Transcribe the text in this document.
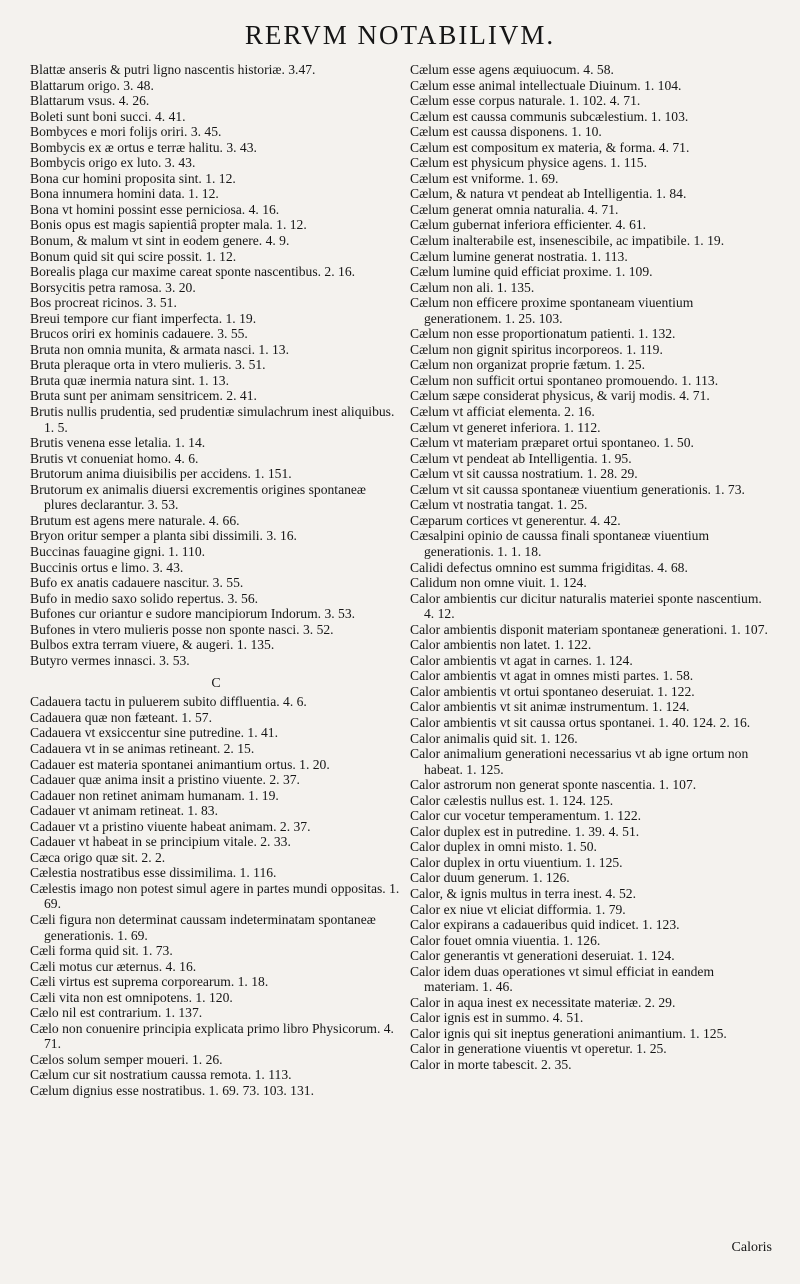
RERVM NOTABILIVM.

Blattæ anseris & putri ligno nascentis historiæ. 3.47.

Blattarum origo. 3. 48.

Blattarum vsus. 4. 26.

Boleti sunt boni succi. 4. 41.

Bombyces e mori folijs oriri. 3. 45.

Bombycis ex æ ortus e terræ halitu. 3. 43.

Bombycis origo ex luto. 3. 43.

Bona cur homini proposita sint. 1. 12.

Bona innumera homini data. 1. 12.

Bona vt homini possint esse perniciosa. 4. 16.

Bonis opus est magis sapientiâ propter mala. 1. 12.

Bonum, & malum vt sint in eodem genere. 4. 9.

Bonum quid sit qui scire possit. 1. 12.

Borealis plaga cur maxime careat sponte nascentibus. 2. 16.

Borsycitis petra ramosa. 3. 20.

Bos procreat ricinos. 3. 51.

Breui tempore cur fiant imperfecta. 1. 19.

Brucos oriri ex hominis cadauere. 3. 55.

Bruta non omnia munita, & armata nasci. 1. 13.

Bruta pleraque orta in vtero mulieris. 3. 51.

Bruta quæ inermia natura sint. 1. 13.

Bruta sunt per animam sensitricem. 2. 41.

Brutis nullis prudentia, sed prudentiæ simulachrum inest aliquibus. 1. 5.

Brutis venena esse letalia. 1. 14.

Brutis vt conueniat homo. 4. 6.

Brutorum anima diuisibilis per accidens. 1. 151.

Brutorum ex animalis diuersi excrementis origines spontaneæ plures declarantur. 3. 53.

Brutum est agens mere naturale. 4. 66.

Bryon oritur semper a planta sibi dissimili. 3. 16.

Buccinas fauagine gigni. 1. 110.

Buccinis ortus e limo. 3. 43.

Bufo ex anatis cadauere nascitur. 3. 55.

Bufo in medio saxo solido repertus. 3. 56.

Bufones cur oriantur e sudore mancipiorum Indorum. 3. 53.

Bufones in vtero mulieris posse non sponte nasci. 3. 52.

Bulbos extra terram viuere, & augeri. 1. 135.

Butyro vermes innasci. 3. 53.

C

Cadauera tactu in puluerem subito diffluentia. 4. 6.

Cadauera quæ non fæteant. 1. 57.

Cadauera vt exsiccentur sine putredine. 1. 41.

Cadauera vt in se animas retineant. 2. 15.

Cadauer est materia spontanei animantium ortus. 1. 20.

Cadauer quæ anima insit a pristino viuente. 2. 37.

Cadauer non retinet animam humanam. 1. 19.

Cadauer vt animam retineat. 1. 83.

Cadauer vt a pristino viuente habeat animam. 2. 37.

Cadauer vt habeat in se principium vitale. 2. 33.

Cæca origo quæ sit. 2. 2.

Cælestia nostratibus esse dissimilima. 1. 116.

Cælestis imago non potest simul agere in partes mundi oppositas. 1. 69.

Cæli figura non determinat caussam indeterminatam spontaneæ generationis. 1. 69.

Cæli forma quid sit. 1. 73.

Cæli motus cur æternus. 4. 16.

Cæli virtus est suprema corporearum. 1. 18.

Cæli vita non est omnipotens. 1. 120.

Cælo nil est contrarium. 1. 137.

Cælo non conuenire principia explicata primo libro Physicorum. 4. 71.

Cælos solum semper moueri. 1. 26.

Cælum cur sit nostratium caussa remota. 1. 113.

Cælum dignius esse nostratibus. 1. 69. 73. 103. 131.

Cælum esse agens æquiuocum. 4. 58.

Cælum esse animal intellectuale Diuinum. 1. 104.

Cælum esse corpus naturale. 1. 102. 4. 71.

Cælum est caussa communis subcælestium. 1. 103.

Cælum est caussa disponens. 1. 10.

Cælum est compositum ex materia, & forma. 4. 71.

Cælum est physicum physice agens. 1. 115.

Cælum est vniforme. 1. 69.

Cælum, & natura vt pendeat ab Intelligentia. 1. 84.

Cælum generat omnia naturalia. 4. 71.

Cælum gubernat inferiora efficienter. 4. 61.

Cælum inalterabile est, insenescibile, ac impatibile. 1. 19.

Cælum lumine generat nostratia. 1. 113.

Cælum lumine quid efficiat proxime. 1. 109.

Cælum non ali. 1. 135.

Cælum non efficere proxime spontaneam viuentium generationem. 1. 25. 103.

Cælum non esse proportionatum patienti. 1. 132.

Cælum non gignit spiritus incorporeos. 1. 119.

Cælum non organizat proprie fætum. 1. 25.

Cælum non sufficit ortui spontaneo promouendo. 1. 113.

Cælum sæpe considerat physicus, & varij modis. 4. 71.

Cælum vt afficiat elementa. 2. 16.

Cælum vt generet inferiora. 1. 112.

Cælum vt materiam præparet ortui spontaneo. 1. 50.

Cælum vt pendeat ab Intelligentia. 1. 95.

Cælum vt sit caussa nostratium. 1. 28. 29.

Cælum vt sit caussa spontaneæ viuentium generationis. 1. 73.

Cælum vt nostratia tangat. 1. 25.

Cæparum cortices vt generentur. 4. 42.

Cæsalpini opinio de caussa finali spontaneæ viuentium generationis. 1. 1. 18.

Calidi defectus omnino est summa frigiditas. 4. 68.

Calidum non omne viuit. 1. 124.

Calor ambientis cur dicitur naturalis materiei sponte nascentium. 4. 12.

Calor ambientis disponit materiam spontaneæ generationi. 1. 107.

Calor ambientis non latet. 1. 122.

Calor ambientis vt agat in carnes. 1. 124.

Calor ambientis vt agat in omnes misti partes. 1. 58.

Calor ambientis vt ortui spontaneo deseruiat. 1. 122.

Calor ambientis vt sit animæ instrumentum. 1. 124.

Calor ambientis vt sit caussa ortus spontanei. 1. 40. 124. 2. 16.

Calor animalis quid sit. 1. 126.

Calor animalium generationi necessarius vt ab igne ortum non habeat. 1. 125.

Calor astrorum non generat sponte nascentia. 1. 107.

Calor cælestis nullus est. 1. 124. 125.

Calor cur vocetur temperamentum. 1. 122.

Calor duplex est in putredine. 1. 39. 4. 51.

Calor duplex in omni misto. 1. 50.

Calor duplex in ortu viuentium. 1. 125.

Calor duum generum. 1. 126.

Calor, & ignis multus in terra inest. 4. 52.

Calor ex niue vt eliciat difformia. 1. 79.

Calor expirans a cadaueribus quid indicet. 1. 123.

Calor fouet omnia viuentia. 1. 126.

Calor generantis vt generationi deseruiat. 1. 124.

Calor idem duas operationes vt simul efficiat in eandem materiam. 1. 46.

Calor in aqua inest ex necessitate materiæ. 2. 29.

Calor ignis est in summo. 4. 51.

Calor ignis qui sit ineptus generationi animantium. 1. 125.

Calor in generatione viuentis vt operetur. 1. 25.

Calor in morte tabescit. 2. 35.

Caloris
